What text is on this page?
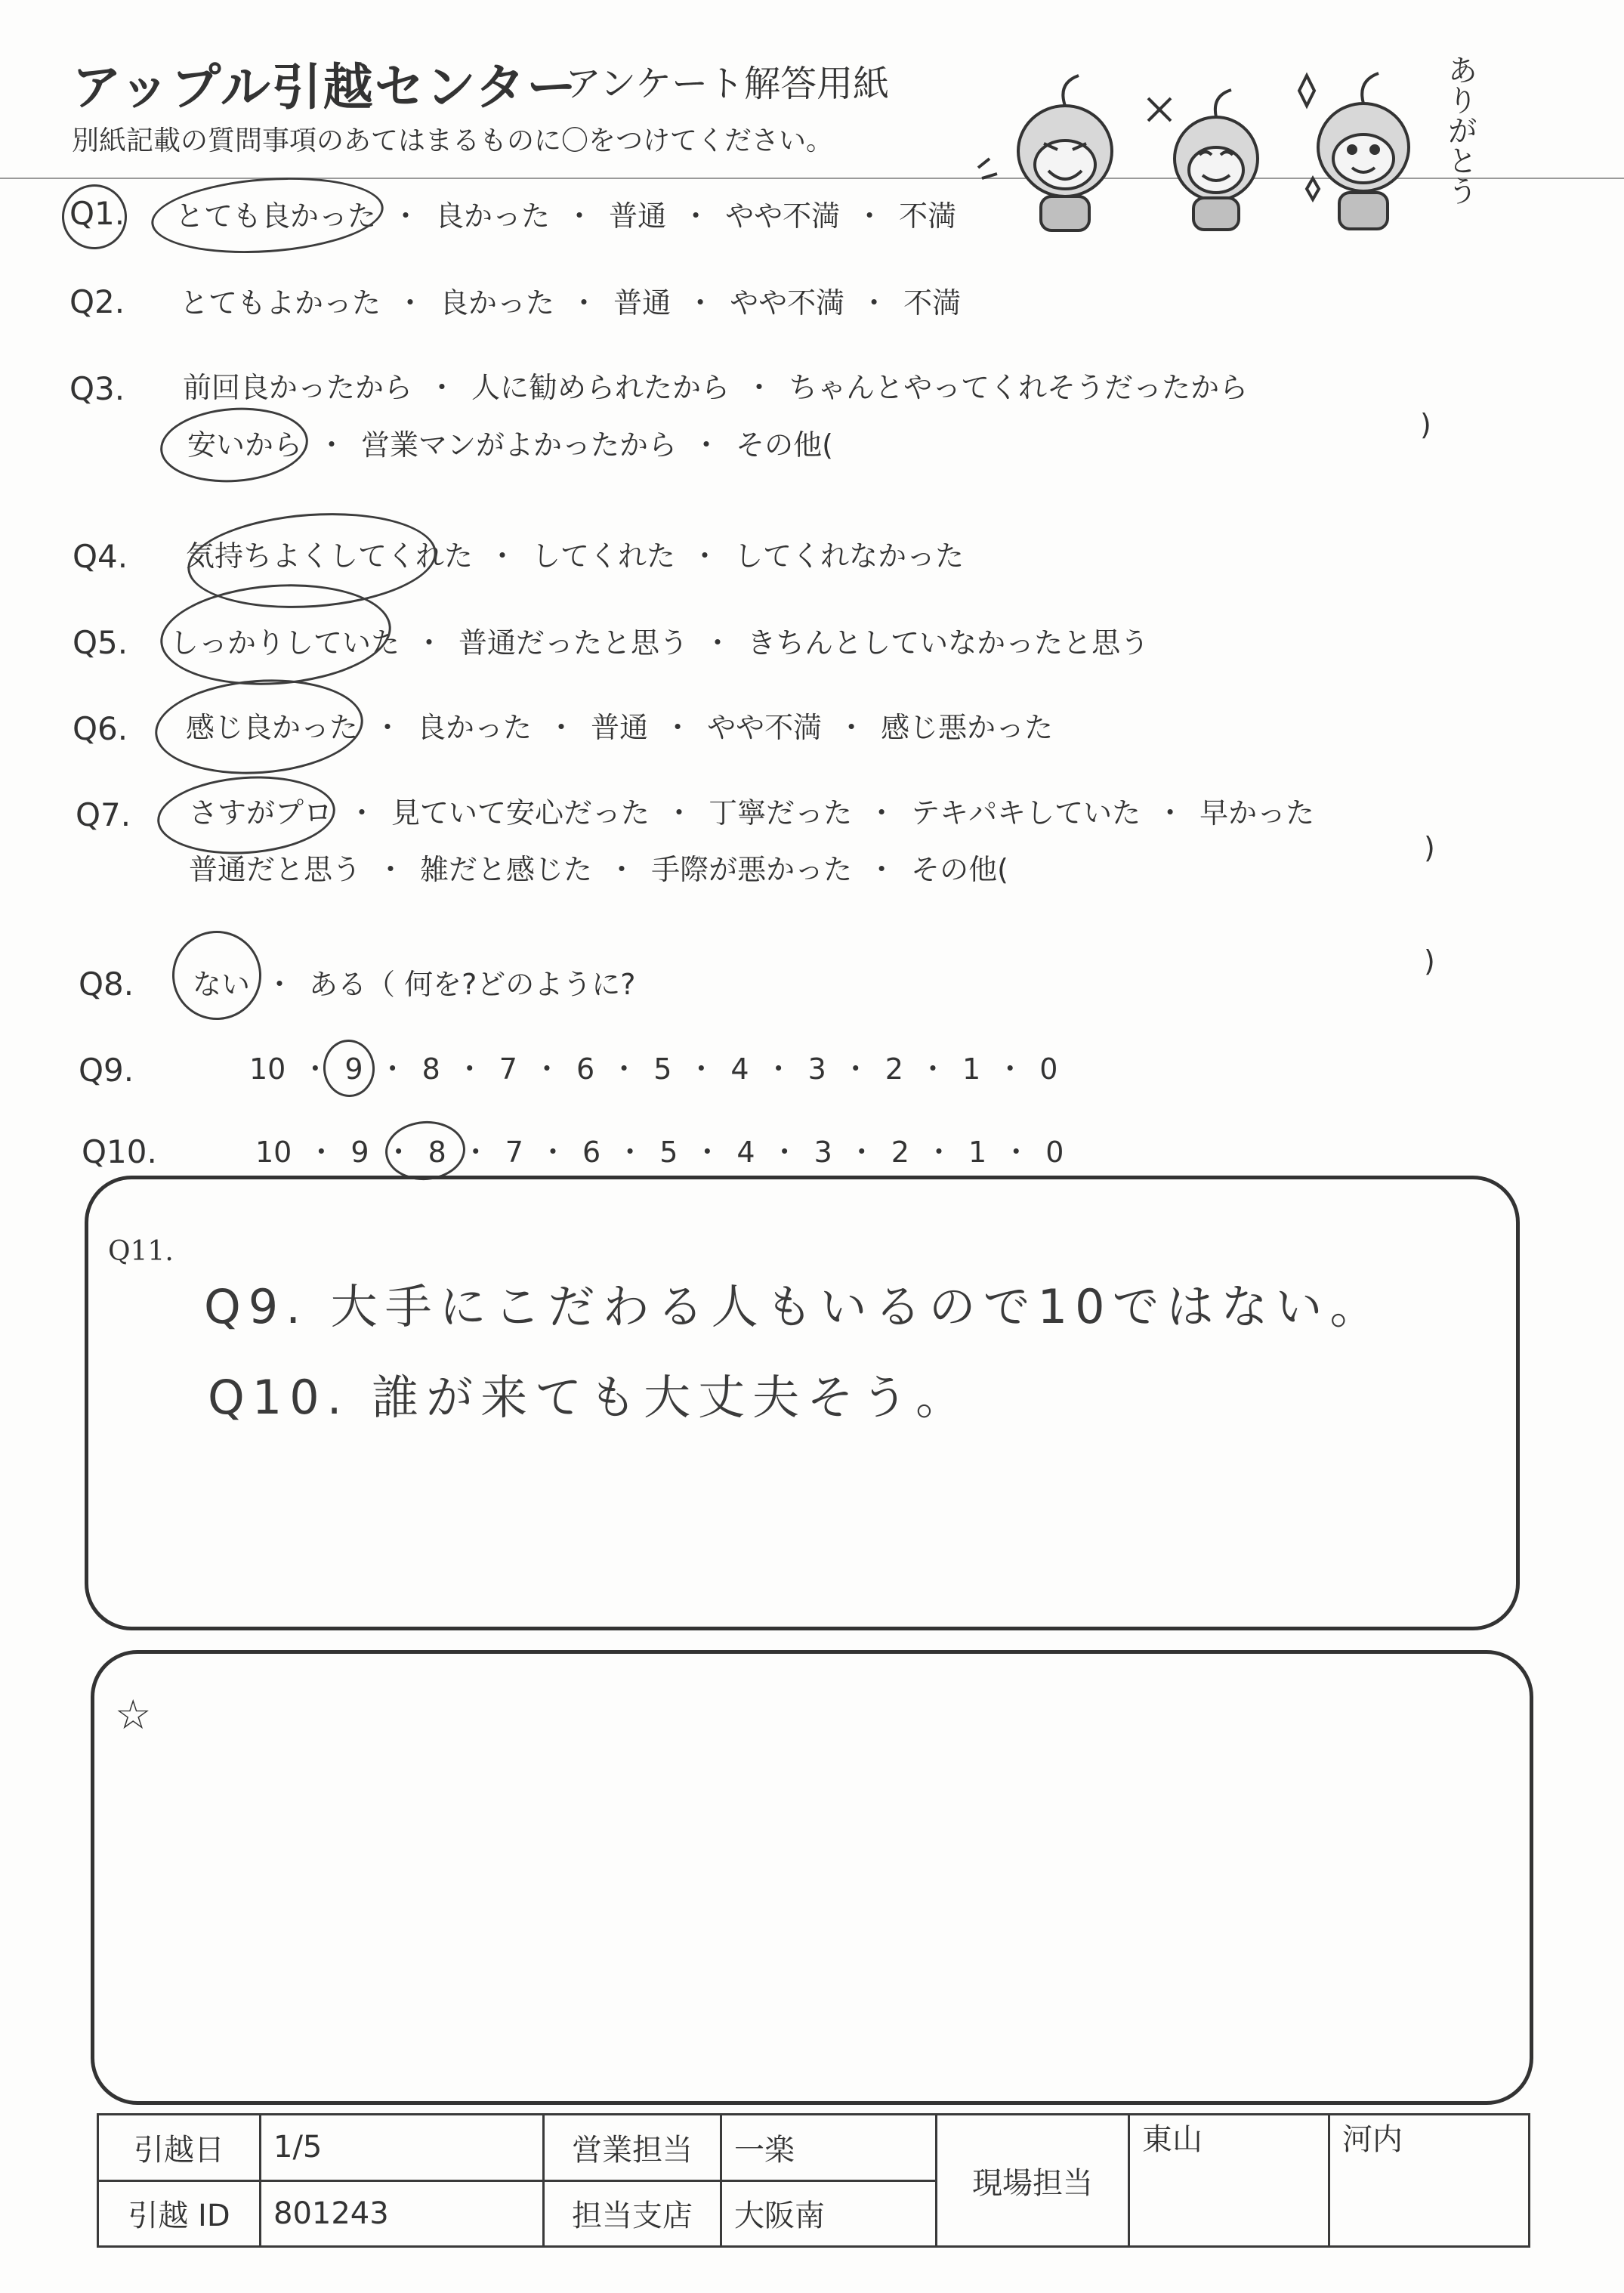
アップル引越センター
アンケート解答用紙
別紙記載の質問事項のあてはまるものに〇をつけてください。	ありがとう
Q1. とても良かった ・ 良かった ・ 普通 ・ やや不満 ・ 不満
Q2. とてもよかった ・ 良かった ・ 普通 ・ やや不満 ・ 不満
Q3. 前回良かったから ・ 人に勧められたから ・ ちゃんとやってくれそうだったから
安いから ・ 営業マンがよかったから ・ その他(
)
Q4. 気持ちよくしてくれた ・ してくれた ・ してくれなかった
Q5. しっかりしていた ・ 普通だったと思う ・ きちんとしていなかったと思う
Q6. 感じ良かった ・ 良かった ・ 普通 ・ やや不満 ・ 感じ悪かった
Q7. さすがプロ ・ 見ていて安心だった ・ 丁寧だった ・ テキパキしていた ・ 早かった
普通だと思う ・ 雑だと感じた ・ 手際が悪かった ・ その他(
)
Q8. ない ・ ある（ 何を?どのように?
)
Q9.	10 ・ 9 ・ 8 ・ 7 ・ 6 ・ 5 ・ 4 ・ 3 ・ 2 ・ 1 ・ 0
Q10.	10 ・ 9 ・ 8 ・ 7 ・ 6 ・ 5 ・ 4 ・ 3 ・ 2 ・ 1 ・ 0
Q11.
Q9. 大手にこだわる人もいるので10ではない。
Q10. 誰が来ても大丈夫そう。
☆
引越日	1/5	営業担当	一楽	現場担当	東山	河内
引越 ID	801243	担当支店	大阪南			
